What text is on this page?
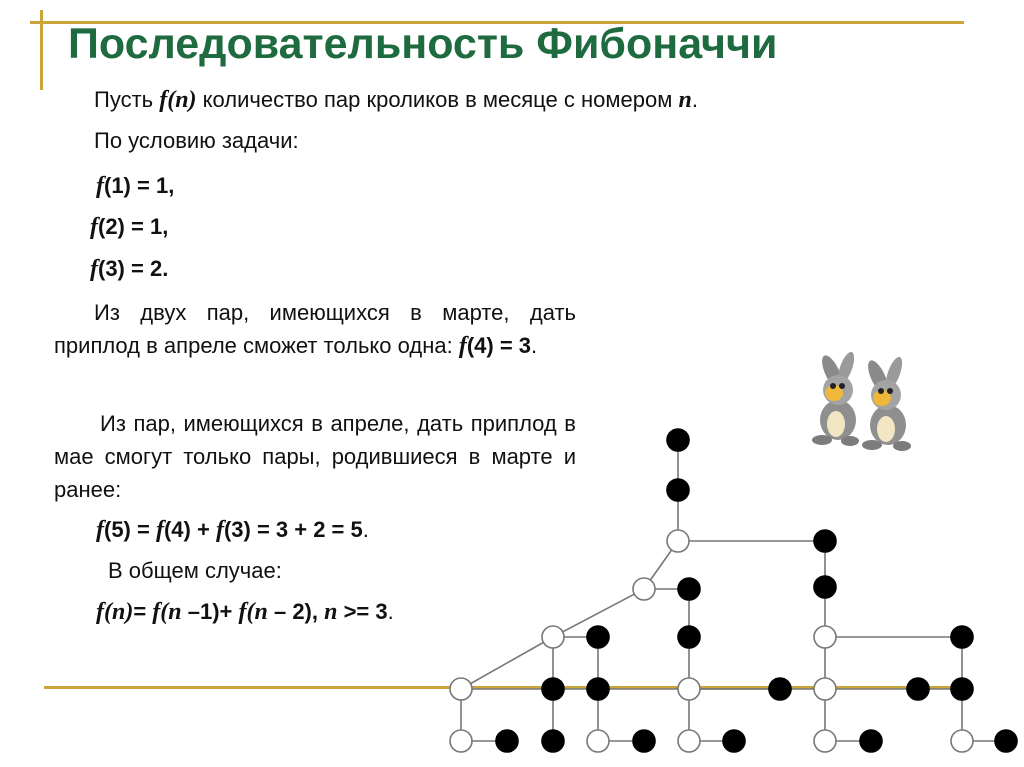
Последовательность Фибоначчи
Пусть f(n) количество пар кроликов в месяце с номером n.
По условию задачи:
f(1) = 1,
f(2) = 1,
f(3) = 2.
Из двух пар, имеющихся в марте, дать приплод в апреле сможет только одна: f(4) = 3.
Из пар, имеющихся в апреле, дать приплод в мае смогут только пары, родившиеся в марте и ранее:
f(5) = f(4) + f(3) = 3 + 2 = 5.
В общем случае:
f(n)= f(n –1)+ f(n – 2), n >= 3.
